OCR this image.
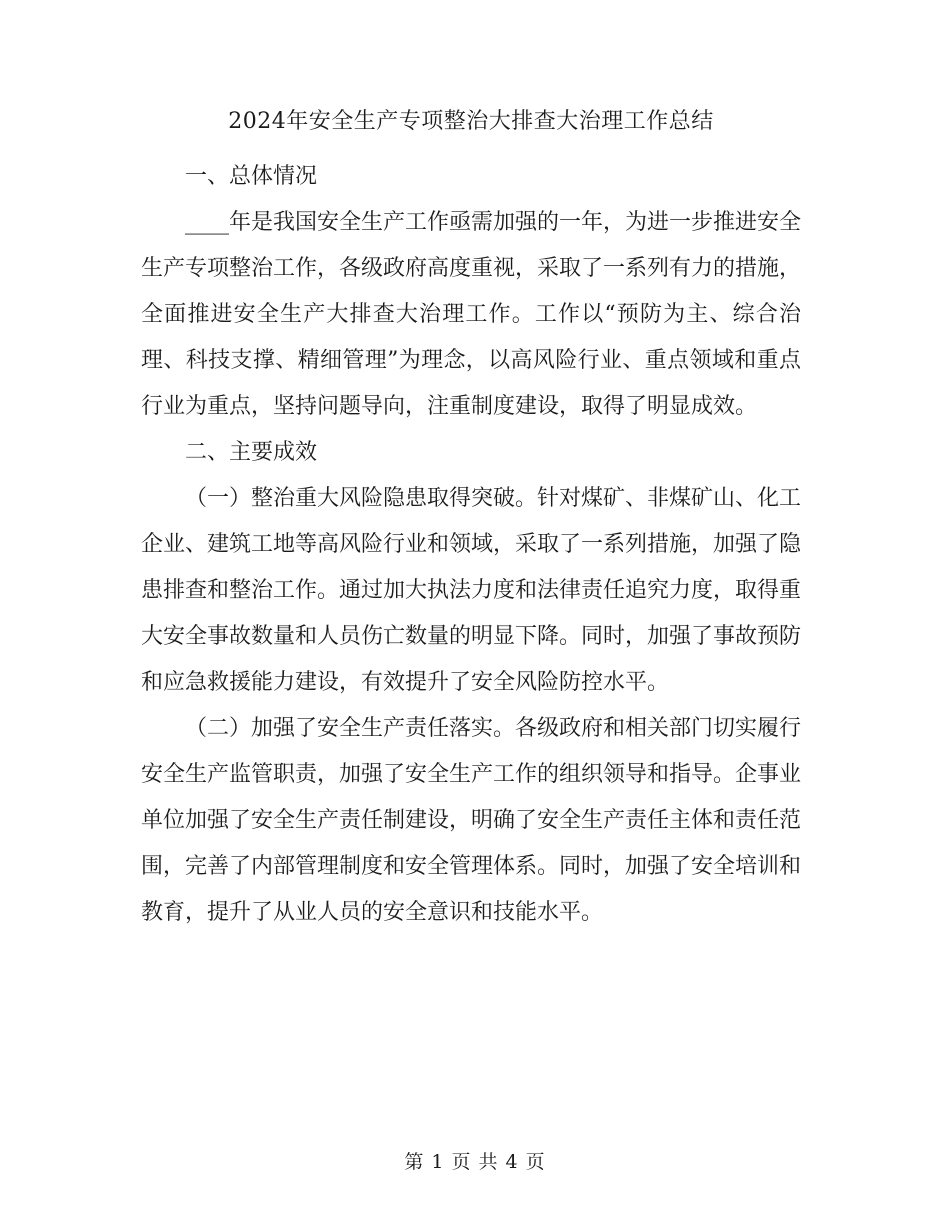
2024年安全生产专项整治大排查大治理工作总结

一、总体情况

____年是我国安全生产工作亟需加强的一年，为进一步推进安全生产专项整治工作，各级政府高度重视，采取了一系列有力的措施，全面推进安全生产大排查大治理工作。工作以“预防为主、综合治理、科技支撑、精细管理”为理念，以高风险行业、重点领域和重点行业为重点，坚持问题导向，注重制度建设，取得了明显成效。

二、主要成效

（一）整治重大风险隐患取得突破。针对煤矿、非煤矿山、化工企业、建筑工地等高风险行业和领域，采取了一系列措施，加强了隐患排查和整治工作。通过加大执法力度和法律责任追究力度，取得重大安全事故数量和人员伤亡数量的明显下降。同时，加强了事故预防和应急救援能力建设，有效提升了安全风险防控水平。

（二）加强了安全生产责任落实。各级政府和相关部门切实履行安全生产监管职责，加强了安全生产工作的组织领导和指导。企事业单位加强了安全生产责任制建设，明确了安全生产责任主体和责任范围，完善了内部管理制度和安全管理体系。同时，加强了安全培训和教育，提升了从业人员的安全意识和技能水平。

第 1 页 共 4 页
